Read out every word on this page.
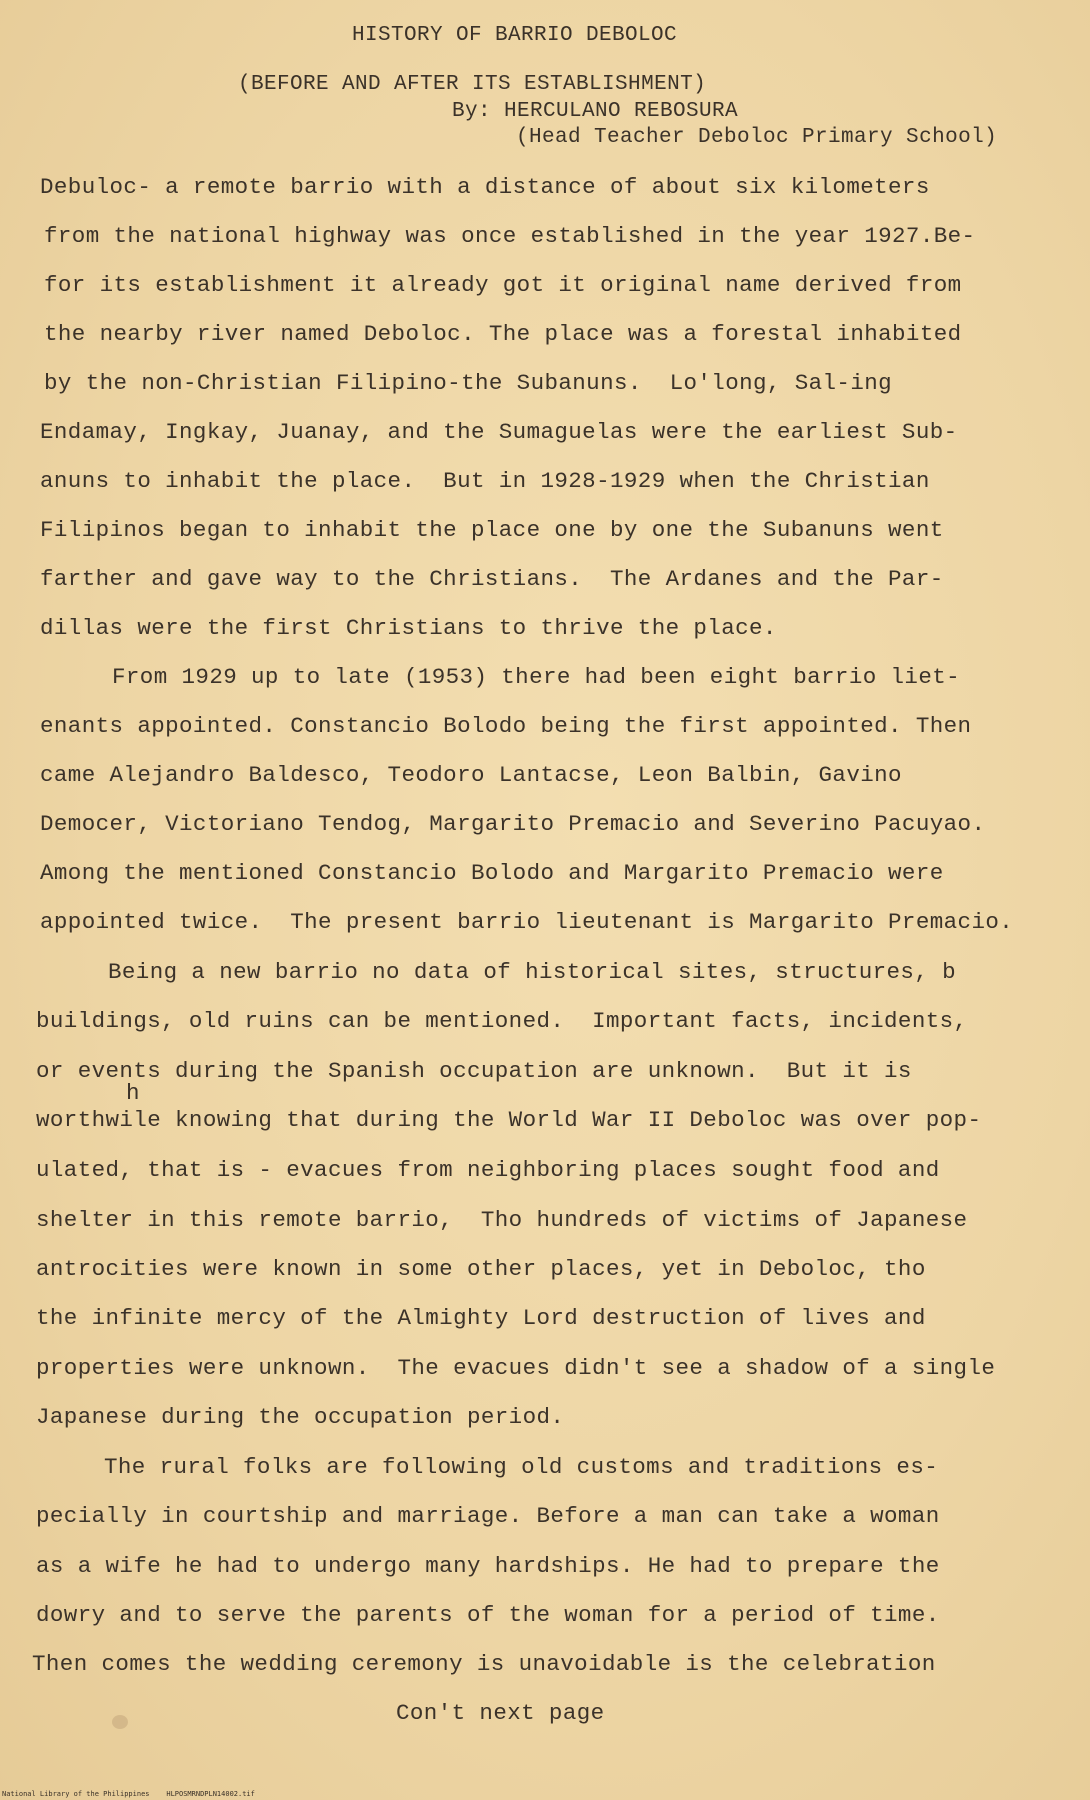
HISTORY OF BARRIO DEBOLOC
(BEFORE AND AFTER ITS ESTABLISHMENT)
By: HERCULANO REBOSURA
(Head Teacher Deboloc Primary School)
Debuloc- a remote barrio with a distance of about six kilometers
from the national highway was once established in the year 1927.Be-
for its establishment it already got it original name derived from
the nearby river named Deboloc. The place was a forestal inhabited
by the non-Christian Filipino-the Subanuns.  Lo'long, Sal-ing
Endamay, Ingkay, Juanay, and the Sumaguelas were the earliest Sub-
anuns to inhabit the place.  But in 1928-1929 when the Christian
Filipinos began to inhabit the place one by one the Subanuns went
farther and gave way to the Christians.  The Ardanes and the Par-
dillas were the first Christians to thrive the place.
From 1929 up to late (1953) there had been eight barrio liet-
enants appointed. Constancio Bolodo being the first appointed. Then
came Alejandro Baldesco, Teodoro Lantacse, Leon Balbin, Gavino
Democer, Victoriano Tendog, Margarito Premacio and Severino Pacuyao.
Among the mentioned Constancio Bolodo and Margarito Premacio were
appointed twice.  The present barrio lieutenant is Margarito Premacio.
Being a new barrio no data of historical sites, structures, b
buildings, old ruins can be mentioned.  Important facts, incidents,
or events during the Spanish occupation are unknown.  But it is
h
worthwile knowing that during the World War II Deboloc was over pop-
ulated, that is - evacues from neighboring places sought food and
shelter in this remote barrio,  Tho hundreds of victims of Japanese
antrocities were known in some other places, yet in Deboloc, tho
the infinite mercy of the Almighty Lord destruction of lives and
properties were unknown.  The evacues didn't see a shadow of a single
Japanese during the occupation period.
The rural folks are following old customs and traditions es-
pecially in courtship and marriage. Before a man can take a woman
as a wife he had to undergo many hardships. He had to prepare the
dowry and to serve the parents of the woman for a period of time.
Then comes the wedding ceremony is unavoidable is the celebration
Con't next page
National Library of the Philippines    HLPOSMRNDPLN14002.tif
